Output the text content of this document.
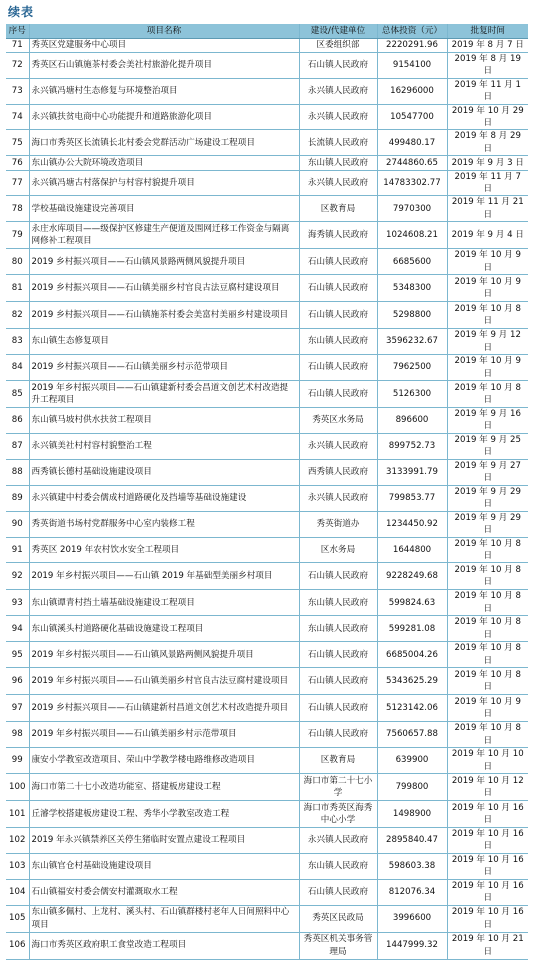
续表
序号	项目名称	建设/代建单位	总体投资（元）	批复时间
71	秀英区党建服务中心项目	区委组织部	2220291.96	2019 年 8 月 7 日
72	秀英区石山镇施茶村委会美社村旅游化提升项目	石山镇人民政府	9154100	2019 年 8 月 19 日
73	永兴镇冯塘村生态修复与环境整治项目	永兴镇人民政府	16296000	2019 年 11 月 1 日
74	永兴镇扶贫电商中心功能提升和道路旅游化项目	永兴镇人民政府	10547700	2019 年 10 月 29 日
75	海口市秀英区长流镇长北村委会党群活动广场建设工程项目	长流镇人民政府	499480.17	2019 年 8 月 29 日
76	东山镇办公大院环境改造项目	东山镇人民政府	2744860.65	2019 年 9 月 3 日
77	永兴镇冯塘古村落保护与村容村貌提升项目	永兴镇人民政府	14783302.77	2019 年 11 月 7 日
78	学校基础设施建设完善项目	区教育局	7970300	2019 年 11 月 21 日
79	永庄水库项目——级保护区修建生产便道及围网迁移工作资金与隔离网修补工程项目	海秀镇人民政府	1024608.21	2019 年 9 月 4 日
80	2019 乡村振兴项目——石山镇风景路两侧风貌提升项目	石山镇人民政府	6685600	2019 年 10 月 9 日
81	2019 乡村振兴项目——石山镇美丽乡村官良古法豆腐村建设项目	石山镇人民政府	5348300	2019 年 10 月 9 日
82	2019 乡村振兴项目——石山镇施茶村委会美富村美丽乡村建设项目	石山镇人民政府	5298800	2019 年 10 月 8 日
83	东山镇生态修复项目	东山镇人民政府	3596232.67	2019 年 9 月 12 日
84	2019 乡村振兴项目——石山镇美丽乡村示范带项目	石山镇人民政府	7962500	2019 年 10 月 9 日
85	2019 年乡村振兴项目——石山镇建新村委会昌道文创艺术村改造提升工程项目	石山镇人民政府	5126300	2019 年 10 月 8 日
86	东山镇马坡村供水扶贫工程项目	秀英区水务局	896600	2019 年 9 月 16 日
87	永兴镇美社村村容村貌整治工程	永兴镇人民政府	899752.73	2019 年 9 月 25 日
88	西秀镇长德村基础设施建设项目	西秀镇人民政府	3133991.79	2019 年 9 月 27 日
89	永兴镇建中村委会儒成村道路硬化及挡墙等基础设施建设	永兴镇人民政府	799853.77	2019 年 9 月 29 日
90	秀英街道书场村党群服务中心室内装修工程	秀英街道办	1234450.92	2019 年 9 月 29 日
91	秀英区 2019 年农村饮水安全工程项目	区水务局	1644800	2019 年 10 月 8 日
92	2019 年乡村振兴项目——石山镇 2019 年基础型美丽乡村项目	石山镇人民政府	9228249.68	2019 年 10 月 8 日
93	东山镇谭青村挡土墙基础设施建设工程项目	东山镇人民政府	599824.63	2019 年 10 月 8 日
94	东山镇溪头村道路硬化基础设施建设工程项目	东山镇人民政府	599281.08	2019 年 10 月 8 日
95	2019 年乡村振兴项目——石山镇风景路两侧风貌提升项目	石山镇人民政府	6685004.26	2019 年 10 月 8 日
96	2019 年乡村振兴项目——石山镇美丽乡村官良古法豆腐村建设项目	石山镇人民政府	5343625.29	2019 年 10 月 8 日
97	2019 乡村振兴项目——石山镇建新村昌道文创艺术村改造提升项目	石山镇人民政府	5123142.06	2019 年 10 月 9 日
98	2019 年乡村振兴项目——石山镇美丽乡村示范带项目	石山镇人民政府	7560657.88	2019 年 10 月 8 日
99	康安小学教室改造项目、荣山中学教学楼电路维修改造项目	区教育局	639900	2019 年 10 月 10 日
100	海口市第二十七小改造功能室、搭建板房建设工程	海口市第二十七小学	799800	2019 年 10 月 12 日
101	丘濬学校搭建板房建设工程、秀华小学教室改造工程	海口市秀英区海秀中心小学	1498900	2019 年 10 月 16 日
102	2019 年永兴镇禁养区关停生猪临时安置点建设工程项目	永兴镇人民政府	2895840.47	2019 年 10 月 16 日
103	东山镇官仓村基础设施建设项目	东山镇人民政府	598603.38	2019 年 10 月 16 日
104	石山镇福安村委会儒安村灌溉取水工程	石山镇人民政府	812076.34	2019 年 10 月 16 日
105	东山镇多佩村、上龙村、溪头村、石山镇群楼村老年人日间照料中心项目	秀英区民政局	3996600	2019 年 10 月 16 日
106	海口市秀英区政府职工食堂改造工程项目	秀英区机关事务管理局	1447999.32	2019 年 10 月 21 日
